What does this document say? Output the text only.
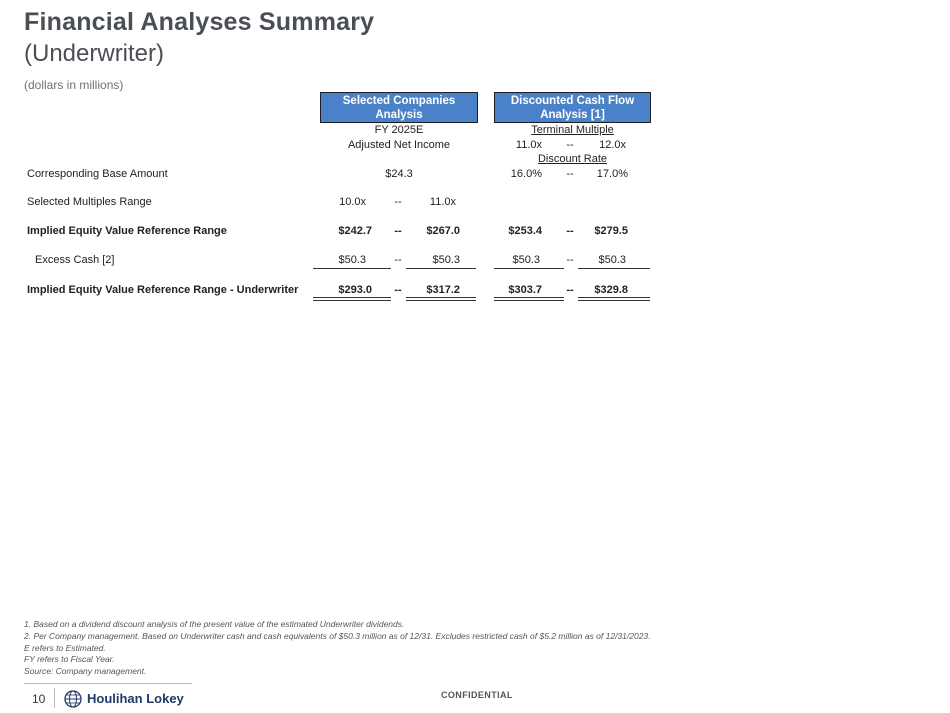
Financial Analyses Summary
(Underwriter)
(dollars in millions)
Selected Companies
Analysis
Discounted Cash Flow
Analysis [1]
FY 2025E
Adjusted Net Income
Terminal Multiple
11.0x	--	12.0x
Discount Rate
Corresponding Base Amount	$24.3	16.0%	--	17.0%
Selected Multiples Range	10.0x	--	11.0x
Implied Equity Value Reference Range	$242.7	--	$267.0	$253.4	--	$279.5
Excess Cash [2]	$50.3	--	$50.3	$50.3	--	$50.3
Implied Equity Value Reference Range - Underwriter	$293.0	--	$317.2	$303.7	--	$329.8
1. Based on a dividend discount analysis of the present value of the estimated Underwriter dividends.
2. Per Company management. Based on Underwriter cash and cash equivalents of $50.3 million as of 12/31. Excludes restricted cash of $5.2 million as of 12/31/2023.
E refers to Estimated.
FY refers to Fiscal Year.
Source: Company management.
10	Houlihan Lokey	CONFIDENTIAL
